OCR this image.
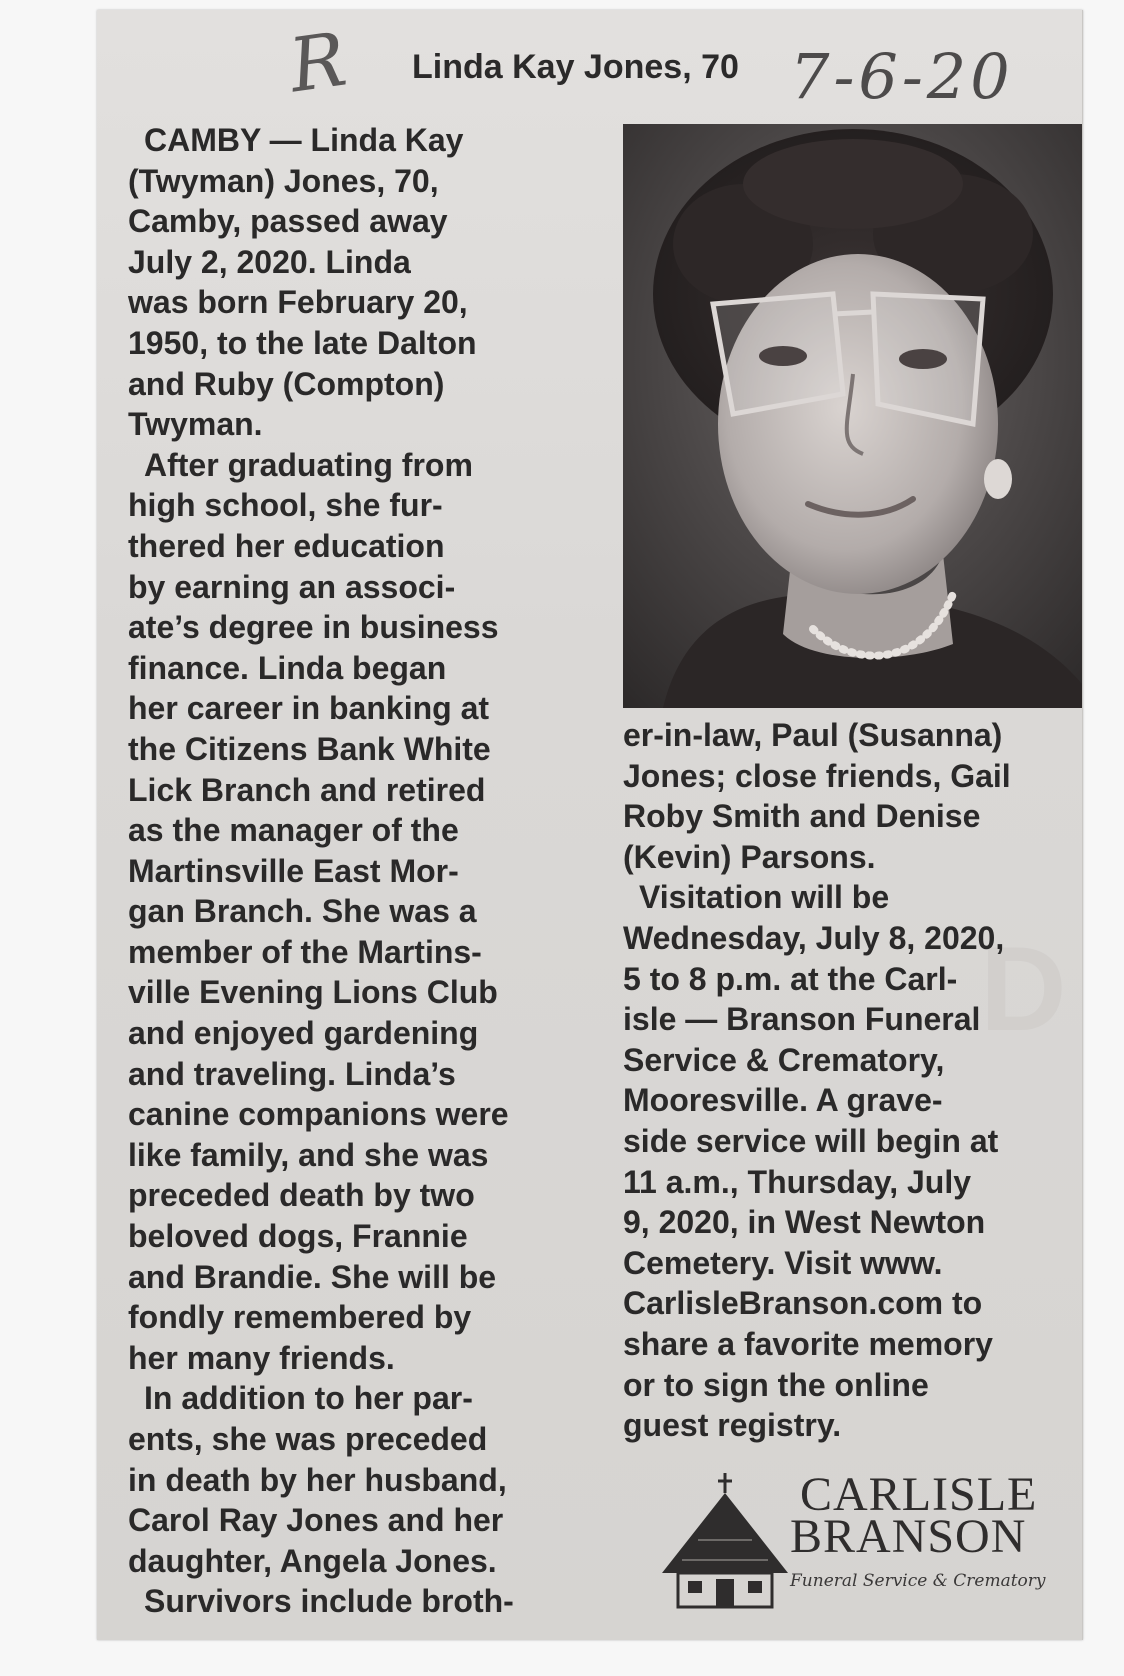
D
R Linda Kay Jones, 70 7-6-20
CAMBY — Linda Kay
(Twyman) Jones, 70,
Camby, passed away
July 2, 2020. Linda
was born February 20,
1950, to the late Dalton
and Ruby (Compton)
Twyman.
After graduating from
high school, she fur-
thered her education
by earning an associ-
ate’s degree in business
finance. Linda began
her career in banking at
the Citizens Bank White
Lick Branch and retired
as the manager of the
Martinsville East Mor-
gan Branch. She was a
member of the Martins-
ville Evening Lions Club
and enjoyed gardening
and traveling. Linda’s
canine companions were
like family, and she was
preceded death by two
beloved dogs, Frannie
and Brandie. She will be
fondly remembered by
her many friends.
In addition to her par-
ents, she was preceded
in death by her husband,
Carol Ray Jones and her
daughter, Angela Jones.
Survivors include broth-
er-in-law, Paul (Susanna)
Jones; close friends, Gail
Roby Smith and Denise
(Kevin) Parsons.
Visitation will be
Wednesday, July 8, 2020,
5 to 8 p.m. at the Carl-
isle — Branson Funeral
Service & Crematory,
Mooresville. A grave-
side service will begin at
11 a.m., Thursday, July
9, 2020, in West Newton
Cemetery. Visit www.
CarlisleBranson.com to
share a favorite memory
or to sign the online
guest registry.
CARLISLE
BRANSON
Funeral Service & Crematory
